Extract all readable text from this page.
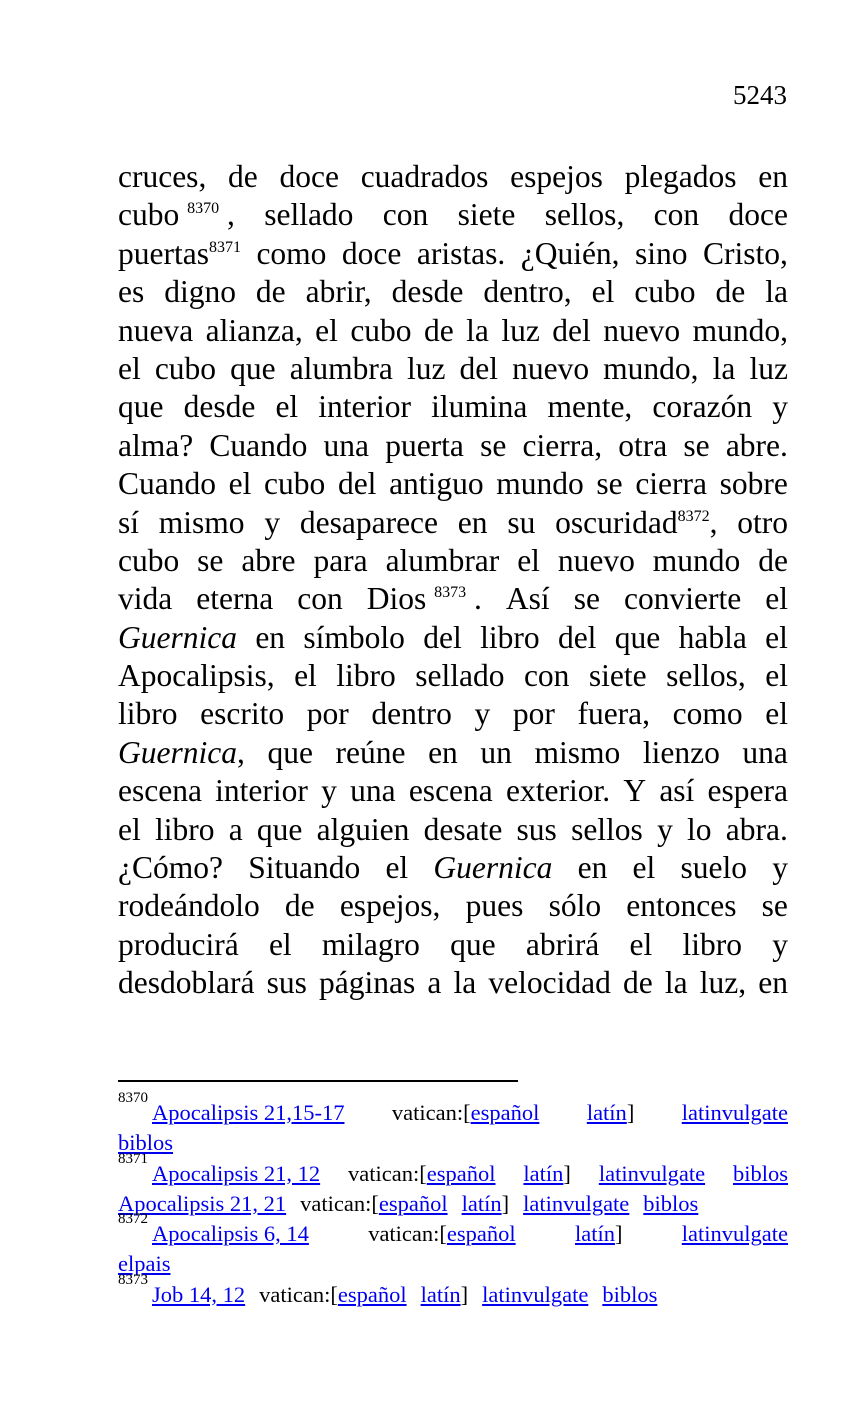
5243
cruces, de doce cuadrados espejos plegados en
cubo $^{8370}$ , sellado con siete sellos, con doce
puertas$^{8371}$ como doce aristas. ¿Quién, sino Cristo,
es digno de abrir, desde dentro, el cubo de la
nueva alianza, el cubo de la luz del nuevo mundo,
el cubo que alumbra luz del nuevo mundo, la luz
que desde el interior ilumina mente, corazón y
alma? Cuando una puerta se cierra, otra se abre.
Cuando el cubo del antiguo mundo se cierra sobre
sí mismo y desaparece en su oscuridad$^{8372}$, otro
cubo se abre para alumbrar el nuevo mundo de
vida eterna con Dios $^{8373}$ . Así se convierte el
Guernica en símbolo del libro del que habla el
Apocalipsis, el libro sellado con siete sellos, el
libro escrito por dentro y por fuera, como el
Guernica, que reúne en un mismo lienzo una
escena interior y una escena exterior. Y así espera
el libro a que alguien desate sus sellos y lo abra.
¿Cómo? Situando el Guernica en el suelo y
rodeándolo de espejos, pues sólo entonces se
producirá el milagro que abrirá el libro y
desdoblará sus páginas a la velocidad de la luz, en
8370
Apocalipsis 21,15-17 vatican:[ español latín ] latinvulgate
biblos
8371
Apocalipsis 21, 12 vatican:[ español latín ] latinvulgate biblos
Apocalipsis 21, 21 vatican:[ español latín ] latinvulgate biblos
8372
Apocalipsis 6, 14	vatican:[ español	latín ]	latinvulgate
elpais
8373
Job 14, 12 vatican:[ español latín ] latinvulgate biblos
